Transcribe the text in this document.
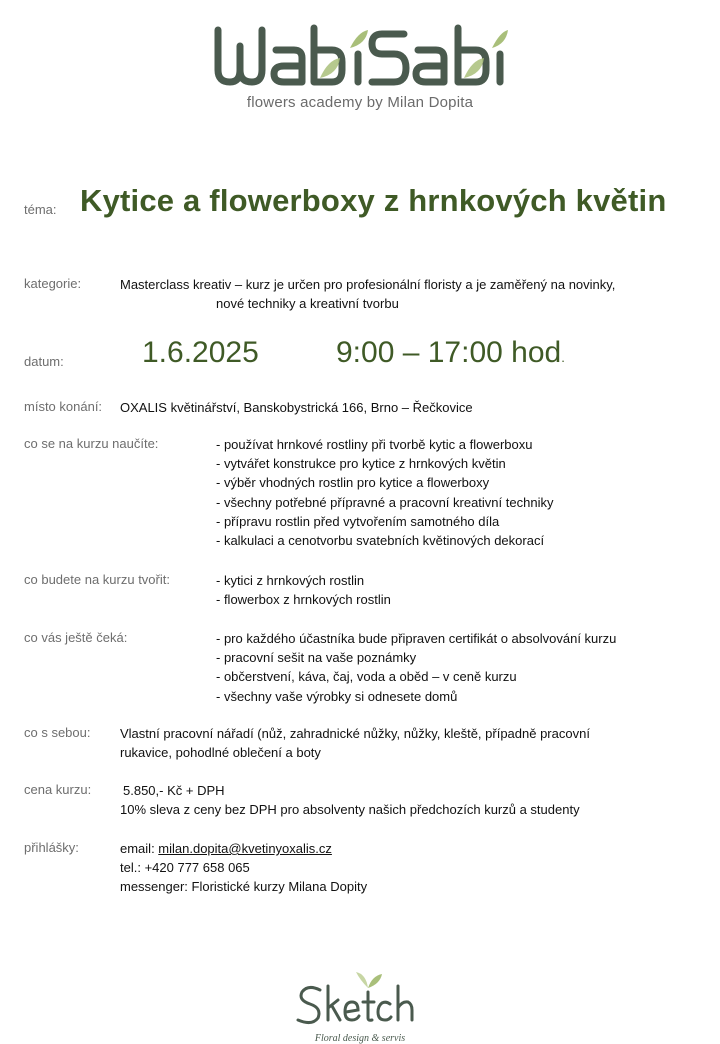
flowers academy by Milan Dopita
téma: Kytice a flowerboxy z hrnkových květin
kategorie:	Masterclass kreativ – kurz je určen pro profesionální floristy a je zaměřený na novinky,
nové techniky a kreativní tvorbu
datum:	1.6.2025	9:00 – 17:00 hod.
místo konání: OXALIS květinářství, Banskobystrická 166, Brno – Řečkovice
co se na kurzu naučíte:	- používat hrnkové rostliny při tvorbě kytic a flowerboxu
- vytvářet konstrukce pro kytice z hrnkových květin
- výběr vhodných rostlin pro kytice a flowerboxy
- všechny potřebné přípravné a pracovní kreativní techniky
- přípravu rostlin před vytvořením samotného díla
- kalkulaci a cenotvorbu svatebních květinových dekorací
co budete na kurzu tvořit:	- kytici z hrnkových rostlin
- flowerbox z hrnkových rostlin
co vás ještě čeká:	- pro každého účastníka bude připraven certifikát o absolvování kurzu
- pracovní sešit na vaše poznámky
- občerstvení, káva, čaj, voda a oběd – v ceně kurzu
- všechny vaše výrobky si odnesete domů
co s sebou: Vlastní pracovní nářadí (nůž, zahradnické nůžky, nůžky, kleště, případně pracovní
rukavice, pohodlné oblečení a boty
cena kurzu: 5.850,- Kč + DPH
10% sleva z ceny bez DPH pro absolventy našich předchozích kurzů a studenty
přihlášky:	email: milan.dopita@kvetinyoxalis.cz
tel.: +420 777 658 065
messenger: Floristické kurzy Milana Dopity
Floral design & servis
